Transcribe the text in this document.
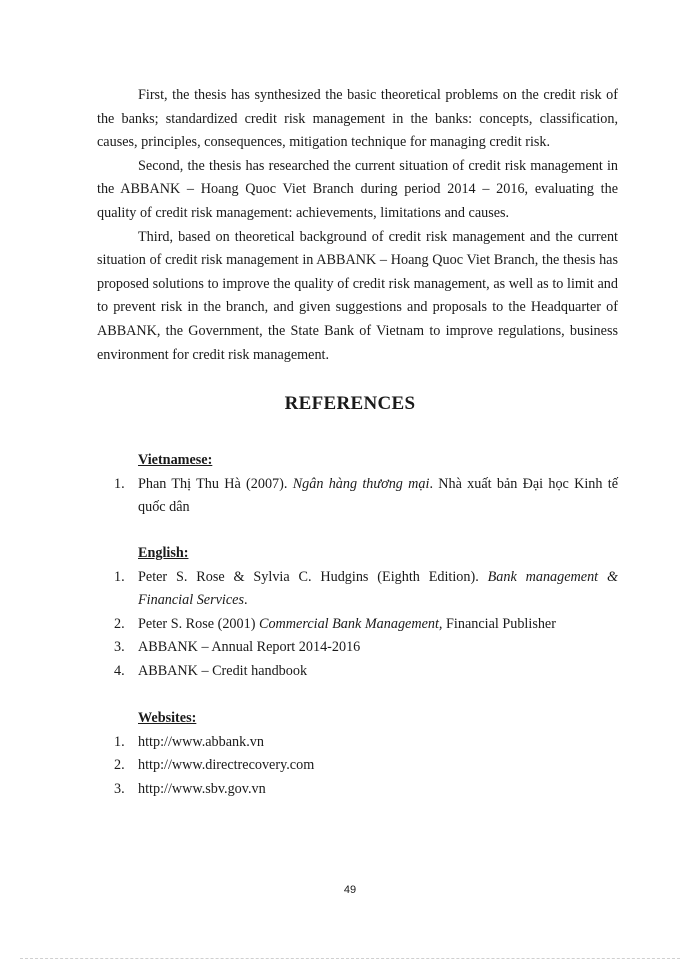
First, the thesis has synthesized the basic theoretical problems on the credit risk of the banks; standardized credit risk management in the banks: concepts, classification, causes, principles, consequences, mitigation technique for managing credit risk.

Second, the thesis has researched the current situation of credit risk management in the ABBANK – Hoang Quoc Viet Branch during period 2014 – 2016, evaluating the quality of credit risk management: achievements, limitations and causes.

Third, based on theoretical background of credit risk management and the current situation of credit risk management in ABBANK – Hoang Quoc Viet Branch, the thesis has proposed solutions to improve the quality of credit risk management, as well as to limit and to prevent risk in the branch, and given suggestions and proposals to the Headquarter of ABBANK, the Government, the State Bank of Vietnam to improve regulations, business environment for credit risk management.

REFERENCES
Vietnamese:
1. Phan Thị Thu Hà (2007). Ngân hàng thương mại. Nhà xuất bản Đại học Kinh tế quốc dân
English:
1. Peter S. Rose & Sylvia C. Hudgins (Eighth Edition). Bank management & Financial Services.
2. Peter S. Rose (2001) Commercial Bank Management, Financial Publisher
3. ABBANK – Annual Report 2014-2016
4. ABBANK – Credit handbook
Websites:
1. http://www.abbank.vn
2. http://www.directrecovery.com
3. http://www.sbv.gov.vn
49
